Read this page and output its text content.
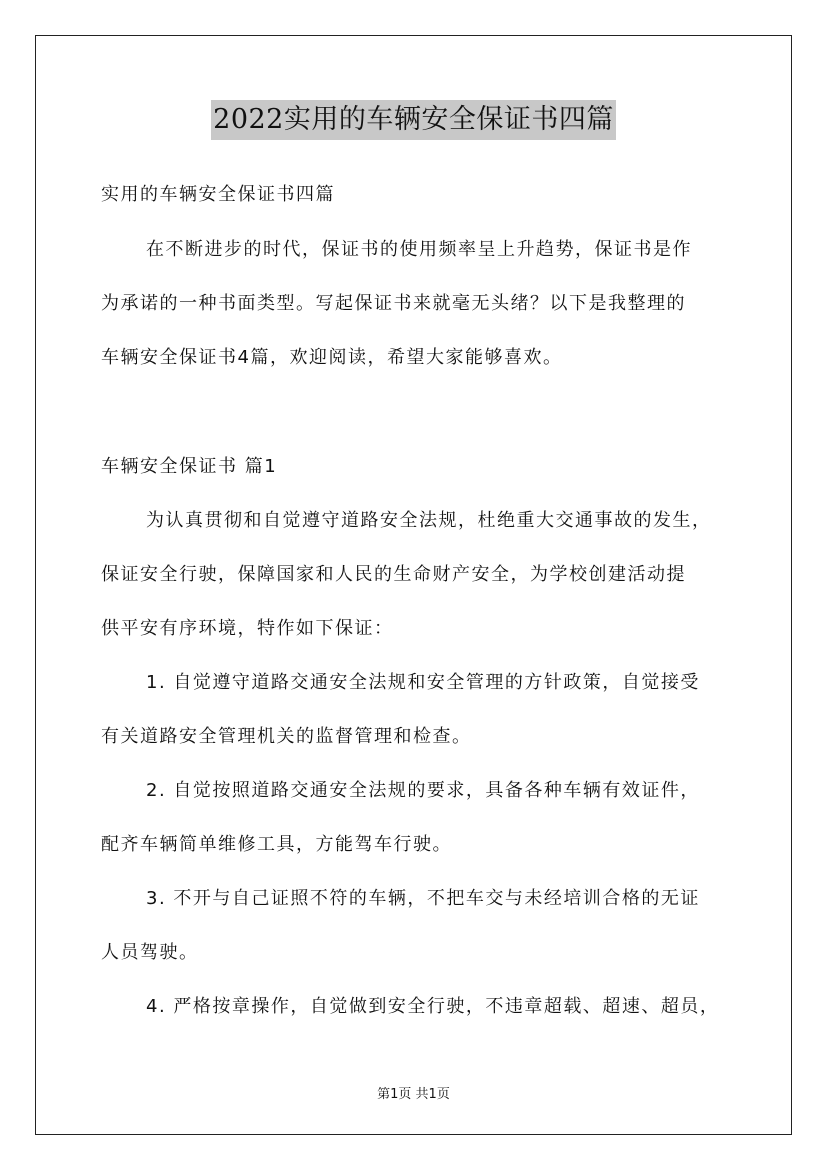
2022实用的车辆安全保证书四篇
实用的车辆安全保证书四篇
在不断进步的时代，保证书的使用频率呈上升趋势，保证书是作
为承诺的一种书面类型。写起保证书来就毫无头绪？以下是我整理的
车辆安全保证书4篇，欢迎阅读，希望大家能够喜欢。
车辆安全保证书 篇1
为认真贯彻和自觉遵守道路安全法规，杜绝重大交通事故的发生，
保证安全行驶，保障国家和人民的生命财产安全，为学校创建活动提
供平安有序环境，特作如下保证：
1. 自觉遵守道路交通安全法规和安全管理的方针政策，自觉接受
有关道路安全管理机关的监督管理和检查。
2. 自觉按照道路交通安全法规的要求，具备各种车辆有效证件，
配齐车辆简单维修工具，方能驾车行驶。
3. 不开与自己证照不符的车辆，不把车交与未经培训合格的无证
人员驾驶。
4. 严格按章操作，自觉做到安全行驶，不违章超载、超速、超员，
第1页 共1页
